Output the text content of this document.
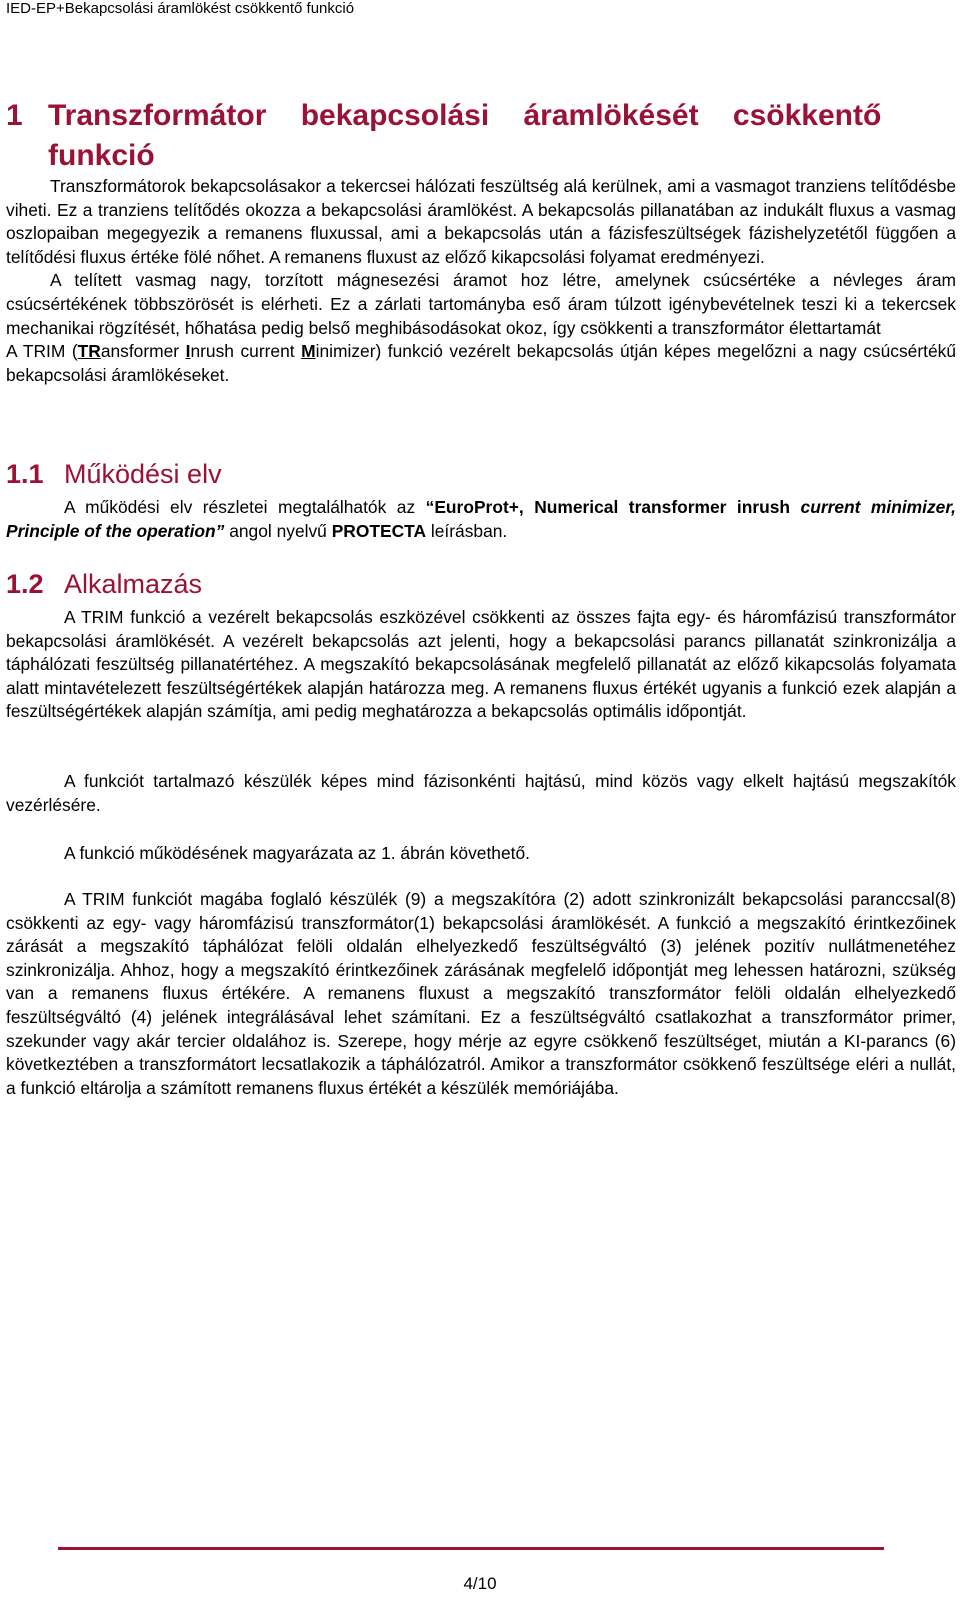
IED-EP+Bekapcsolási áramlökést csökkentő funkció
1 Transzformátor bekapcsolási áramlökését csökkentő
funkció

Transzformátorok bekapcsolásakor a tekercsei hálózati feszültség alá kerülnek, ami a vasmagot tranziens telítődésbe viheti. Ez a tranziens telítődés okozza a bekapcsolási áramlökést. A bekapcsolás pillanatában az indukált fluxus a vasmag oszlopaiban megegyezik a remanens fluxussal, ami a bekapcsolás után a fázisfeszültségek fázishelyzetétől függően a telítődési fluxus értéke fölé nőhet. A remanens fluxust az előző kikapcsolási folyamat eredményezi.

A telített vasmag nagy, torzított mágnesezési áramot hoz létre, amelynek csúcsértéke a névleges áram csúcsértékének többszörösét is elérheti. Ez a zárlati tartományba eső áram túlzott igénybevételnek teszi ki a tekercsek mechanikai rögzítését, hőhatása pedig belső meghibásodásokat okoz, így csökkenti a transzformátor élettartamát

A TRIM (TRansformer Inrush current Minimizer) funkció vezérelt bekapcsolás útján képes megelőzni a nagy csúcsértékű bekapcsolási áramlökéseket.

1.1 Működési elv

A működési elv részletei megtalálhatók az “EuroProt+, Numerical transformer inrush current minimizer, Principle of the operation” angol nyelvű PROTECTA leírásban.

1.2 Alkalmazás

A TRIM funkció a vezérelt bekapcsolás eszközével csökkenti az összes fajta egy- és háromfázisú transzformátor bekapcsolási áramlökését. A vezérelt bekapcsolás azt jelenti, hogy a bekapcsolási parancs pillanatát szinkronizálja a táphálózati feszültség pillanatértéhez. A megszakító bekapcsolásának megfelelő pillanatát az előző kikapcsolás folyamata alatt mintavételezett feszültségértékek alapján határozza meg. A remanens fluxus értékét ugyanis a funkció ezek alapján a feszültségértékek alapján számítja, ami pedig meghatározza a bekapcsolás optimális időpontját.

A funkciót tartalmazó készülék képes mind fázisonkénti hajtású, mind közös vagy elkelt hajtású megszakítók vezérlésére.

A funkció működésének magyarázata az 1. ábrán követhető.

A TRIM funkciót magába foglaló készülék (9) a megszakítóra (2) adott szinkronizált bekapcsolási paranccsal(8) csökkenti az egy- vagy háromfázisú transzformátor(1) bekapcsolási áramlökését. A funkció a megszakító érintkezőinek zárását a megszakító táphálózat felöli oldalán elhelyezkedő feszültségváltó (3) jelének pozitív nullátmenetéhez szinkronizálja. Ahhoz, hogy a megszakító érintkezőinek zárásának megfelelő időpontját meg lehessen határozni, szükség van a remanens fluxus értékére. A remanens fluxust a megszakító transzformátor felöli oldalán elhelyezkedő feszültségváltó (4) jelének integrálásával lehet számítani. Ez a feszültségváltó csatlakozhat a transzformátor primer, szekunder vagy akár tercier oldalához is. Szerepe, hogy mérje az egyre csökkenő feszültséget, miután a KI-parancs (6) következtében a transzformátort lecsatlakozik a táphálózatról. Amikor a transzformátor csökkenő feszültsége eléri a nullát, a funkció eltárolja a számított remanens fluxus értékét a készülék memóriájába.

4/10
